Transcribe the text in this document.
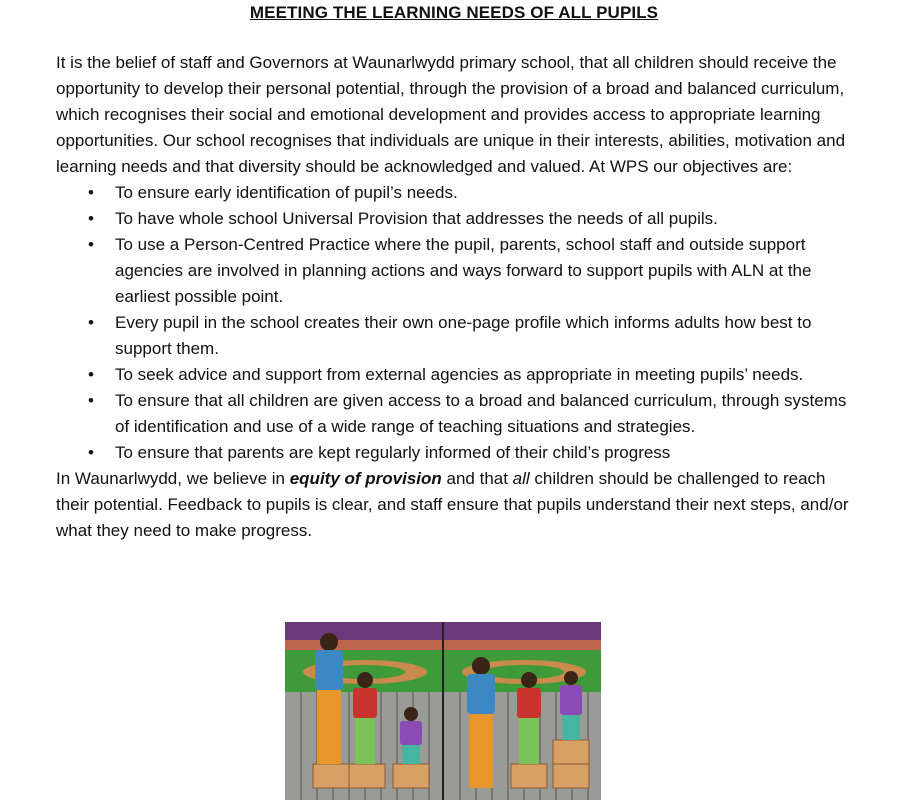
MEETING THE LEARNING NEEDS OF ALL PUPILS

It is the belief of staff and Governors at Waunarlwydd primary school, that all children should receive the opportunity to develop their personal potential, through the provision of a broad and balanced curriculum, which recognises their social and emotional development and provides access to appropriate learning opportunities. Our school recognises that individuals are unique in their interests, abilities, motivation and learning needs and that diversity should be acknowledged and valued. At WPS our objectives are:

• To ensure early identification of pupil’s needs.
• To have whole school Universal Provision that addresses the needs of all pupils.
• To use a Person-Centred Practice where the pupil, parents, school staff and outside support agencies are involved in planning actions and ways forward to support pupils with ALN at the earliest possible point.
• Every pupil in the school creates their own one-page profile which informs adults how best to support them.
• To seek advice and support from external agencies as appropriate in meeting pupils’ needs.
• To ensure that all children are given access to a broad and balanced curriculum, through systems of identification and use of a wide range of teaching situations and strategies.
• To ensure that parents are kept regularly informed of their child’s progress

In Waunarlwydd, we believe in equity of provision and that all children should be challenged to reach their potential. Feedback to pupils is clear, and staff ensure that pupils understand their next steps, and/or what they need to make progress.
